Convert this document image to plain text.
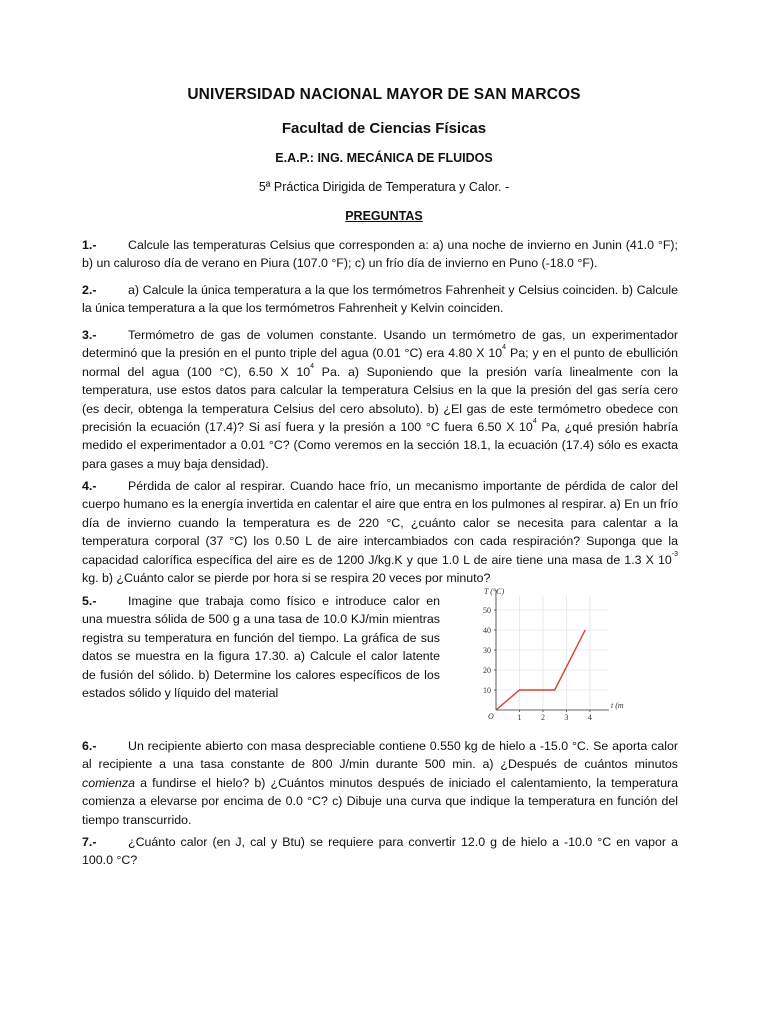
UNIVERSIDAD NACIONAL MAYOR DE SAN MARCOS
Facultad de Ciencias Físicas
E.A.P.: ING. MECÁNICA DE FLUIDOS
5ª Práctica Dirigida de Temperatura y Calor. -
PREGUNTAS
1.-	Calcule las temperaturas Celsius que corresponden a: a) una noche de invierno en Junin (41.0 °F); b) un caluroso día de verano en Piura (107.0 °F); c) un frío día de invierno en Puno (-18.0 °F).
2.-	a) Calcule la única temperatura a la que los termómetros Fahrenheit y Celsius coinciden. b) Calcule la única temperatura a la que los termómetros Fahrenheit y Kelvin coinciden.
3.-	Termómetro de gas de volumen constante. Usando un termómetro de gas, un experimentador determinó que la presión en el punto triple del agua (0.01 °C) era 4.80 X $10^4$ Pa; y en el punto de ebullición normal del agua (100 °C), 6.50 X $10^4$ Pa. a) Suponiendo que la presión varía linealmente con la temperatura, use estos datos para calcular la temperatura Celsius en la que la presión del gas sería cero (es decir, obtenga la temperatura Celsius del cero absoluto). b) ¿El gas de este termómetro obedece con precisión la ecuación (17.4)? Si así fuera y la presión a 100 °C fuera 6.50 X $10^4$ Pa, ¿qué presión habría medido el experimentador a 0.01 °C? (Como veremos en la sección 18.1, la ecuación (17.4) sólo es exacta para gases a muy baja densidad).
4.-	Pérdida de calor al respirar. Cuando hace frío, un mecanismo importante de pérdida de calor del cuerpo humano es la energía invertida en calentar el aire que entra en los pulmones al respirar. a) En un frío día de invierno cuando la temperatura es de 220 °C, ¿cuánto calor se necesita para calentar a la temperatura corporal (37 °C) los 0.50 L de aire intercambiados con cada respiración? Suponga que la capacidad calorífica específica del aire es de 1200 J/kg.K y que 1.0 L de aire tiene una masa de 1.3 X $10^{-3}$ kg. b) ¿Cuánto calor se pierde por hora si se respira 20 veces por minuto?
5.-	Imagine que trabaja como físico e introduce calor en una muestra sólida de 500 g a una tasa de 10.0 KJ/min mientras registra su temperatura en función del tiempo. La gráfica de sus datos se muestra en la figura 17.30. a) Calcule el calor latente de fusión del sólido. b) Determine los calores específicos de los estados sólido y líquido del material	10
20
30
40
50
1 2 3 4
T (°C)
t (m
O
6.-	Un recipiente abierto con masa despreciable contiene 0.550 kg de hielo a -15.0 °C. Se aporta calor al recipiente a una tasa constante de 800 J/min durante 500 min. a) ¿Después de cuántos minutos comienza a fundirse el hielo? b) ¿Cuántos minutos después de iniciado el calentamiento, la temperatura comienza a elevarse por encima de 0.0 °C? c) Dibuje una curva que indique la temperatura en función del tiempo transcurrido.
7.-	¿Cuánto calor (en J, cal y Btu) se requiere para convertir 12.0 g de hielo a -10.0 °C en vapor a 100.0 °C?
